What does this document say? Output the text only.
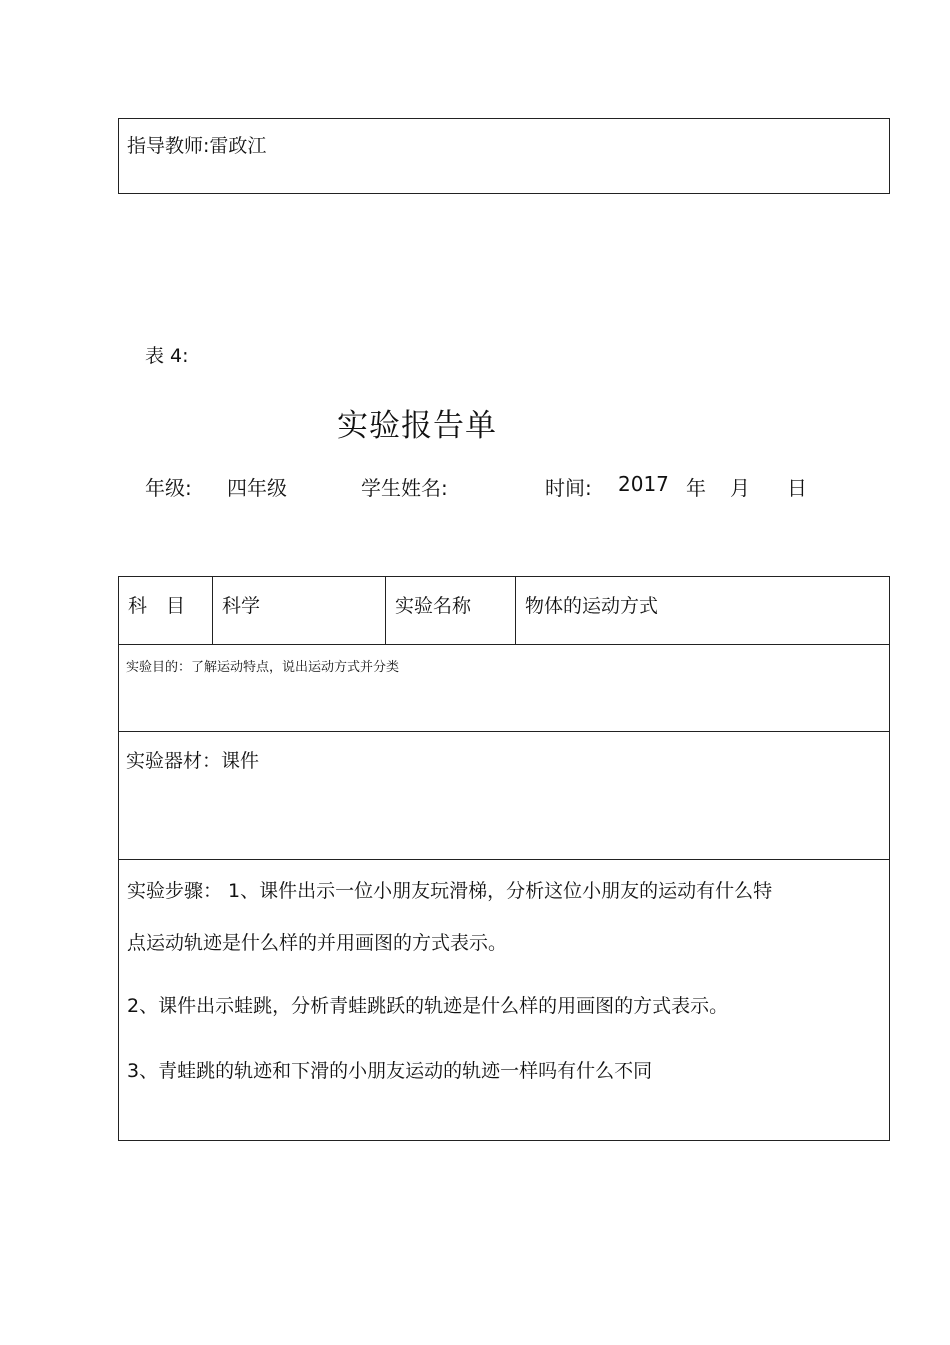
指导教师:雷政江
表 4:
实验报告单
年级: 四年级	学生姓名:	时间: 2017 年 月 日
科　目 科学	实验名称	物体的运动方式
实验目的：了解运动特点，说出运动方式并分类
实验器材：课件
实验步骤： 1、课件出示一位小朋友玩滑梯，分析这位小朋友的运动有什么特
点运动轨迹是什么样的并用画图的方式表示。
2、课件出示蛙跳，分析青蛙跳跃的轨迹是什么样的用画图的方式表示。
3、青蛙跳的轨迹和下滑的小朋友运动的轨迹一样吗有什么不同
